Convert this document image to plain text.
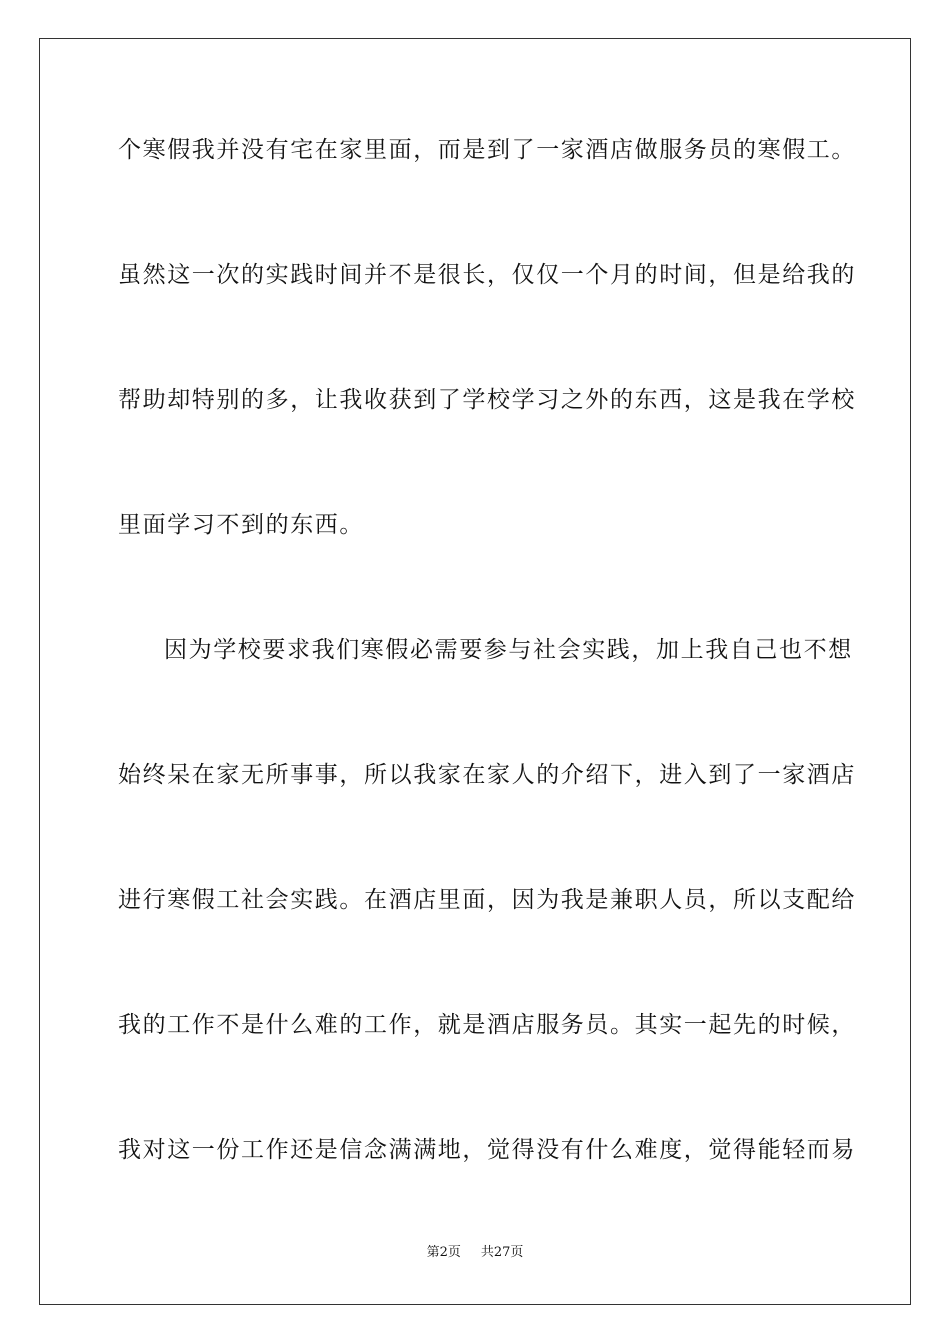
个寒假我并没有宅在家里面，而是到了一家酒店做服务员的寒假工。
虽然这一次的实践时间并不是很长，仅仅一个月的时间，但是给我的
帮助却特别的多，让我收获到了学校学习之外的东西，这是我在学校
里面学习不到的东西。
因为学校要求我们寒假必需要参与社会实践，加上我自己也不想
始终呆在家无所事事，所以我家在家人的介绍下，进入到了一家酒店
进行寒假工社会实践。在酒店里面，因为我是兼职人员，所以支配给
我的工作不是什么难的工作，就是酒店服务员。其实一起先的时候，
我对这一份工作还是信念满满地，觉得没有什么难度，觉得能轻而易
第2页 共27页
